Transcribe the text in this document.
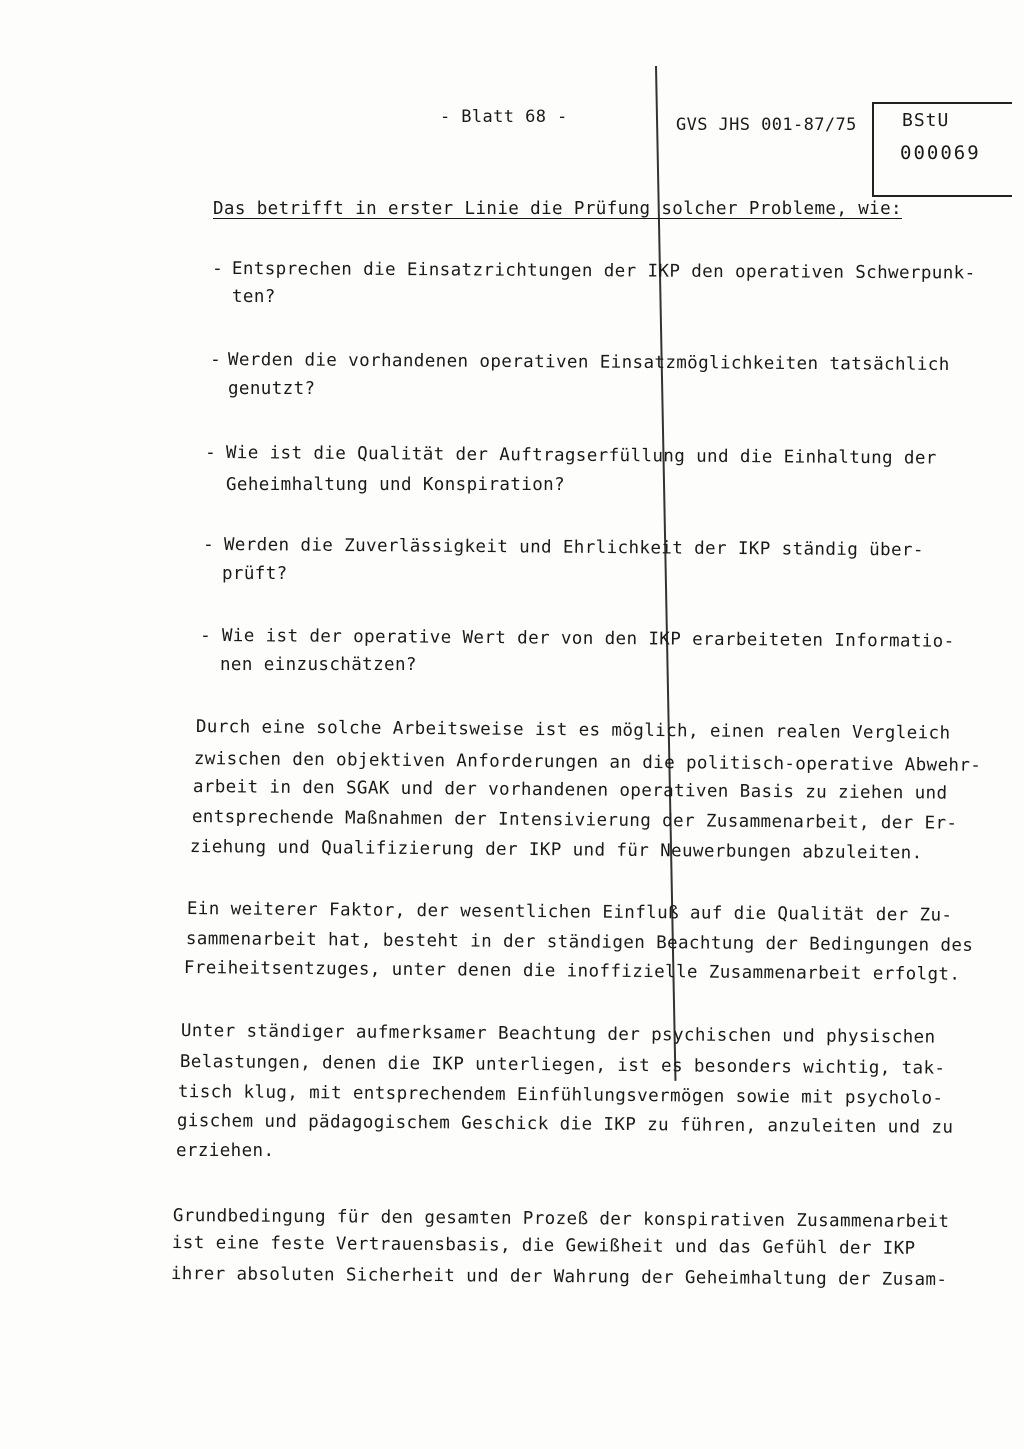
- Blatt 68 -	GVS JHS 001-87/75	BStU
000069
Das betrifft in erster Linie die Prüfung solcher Probleme, wie:
- Entsprechen die Einsatzrichtungen der IKP den operativen Schwerpunk-
ten?
- Werden die vorhandenen operativen Einsatzmöglichkeiten tatsächlich
genutzt?
- Wie ist die Qualität der Auftragserfüllung und die Einhaltung der
Geheimhaltung und Konspiration?
- Werden die Zuverlässigkeit und Ehrlichkeit der IKP ständig über-
prüft?
- Wie ist der operative Wert der von den IKP erarbeiteten Informatio-
nen einzuschätzen?
Durch eine solche Arbeitsweise ist es möglich, einen realen Vergleich
zwischen den objektiven Anforderungen an die politisch-operative Abwehr-
arbeit in den SGAK und der vorhandenen operativen Basis zu ziehen und
entsprechende Maßnahmen der Intensivierung der Zusammenarbeit, der Er-
ziehung und Qualifizierung der IKP und für Neuwerbungen abzuleiten.
Ein weiterer Faktor, der wesentlichen Einfluß auf die Qualität der Zu-
sammenarbeit hat, besteht in der ständigen Beachtung der Bedingungen des
Freiheitsentzuges, unter denen die inoffizielle Zusammenarbeit erfolgt.
Unter ständiger aufmerksamer Beachtung der psychischen und physischen
Belastungen, denen die IKP unterliegen, ist es besonders wichtig, tak-
tisch klug, mit entsprechendem Einfühlungsvermögen sowie mit psycholo-
gischem und pädagogischem Geschick die IKP zu führen, anzuleiten und zu
erziehen.
Grundbedingung für den gesamten Prozeß der konspirativen Zusammenarbeit
ist eine feste Vertrauensbasis, die Gewißheit und das Gefühl der IKP
ihrer absoluten Sicherheit und der Wahrung der Geheimhaltung der Zusam-
